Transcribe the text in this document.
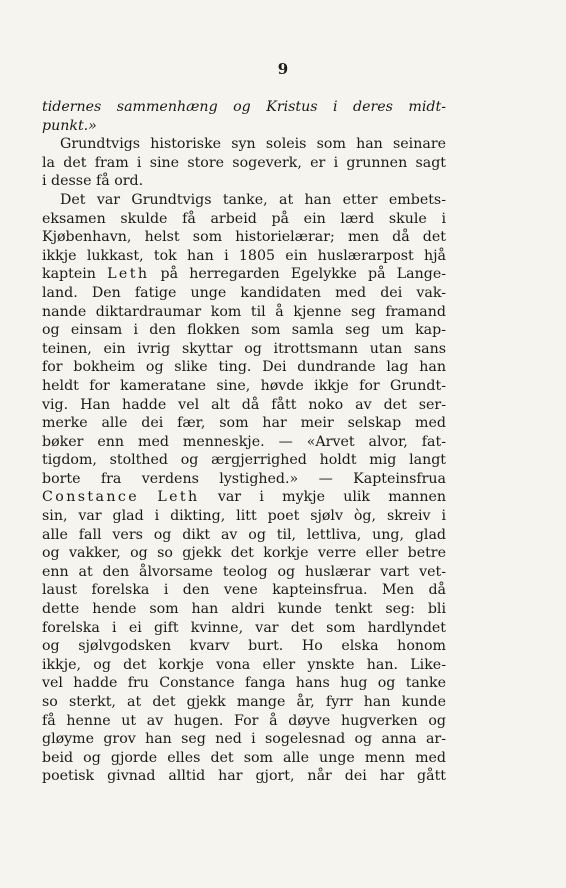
9
tidernes sammenhæng og Kristus i deres midt-
punkt.»
Grundtvigs historiske syn soleis som han seinare
la det fram i sine store sogeverk, er i grunnen sagt
i desse få ord.
Det var Grundtvigs tanke, at han etter embets-
eksamen skulde få arbeid på ein lærd skule i
Kjøbenhavn, helst som historielærar; men då det
ikkje lukkast, tok han i 1805 ein huslærarpost hjå
kaptein Leth på herregarden Egelykke på Lange-
land. Den fatige unge kandidaten med dei vak-
nande diktardraumar kom til å kjenne seg framand
og einsam i den flokken som samla seg um kap-
teinen, ein ivrig skyttar og itrottsmann utan sans
for bokheim og slike ting. Dei dundrande lag han
heldt for kameratane sine, høvde ikkje for Grundt-
vig. Han hadde vel alt då fått noko av det ser-
merke alle dei fær, som har meir selskap med
bøker enn med menneskje. — «Arvet alvor, fat-
tigdom, stolthed og ærgjerrighed holdt mig langt
borte fra verdens lystighed.» — Kapteinsfrua
Constance Leth var i mykje ulik mannen
sin, var glad i dikting, litt poet sjølv òg, skreiv i
alle fall vers og dikt av og til, lettliva, ung, glad
og vakker, og so gjekk det korkje verre eller betre
enn at den ålvorsame teolog og huslærar vart vet-
laust forelska i den vene kapteinsfrua. Men då
dette hende som han aldri kunde tenkt seg: bli
forelska i ei gift kvinne, var det som hardlyndet
og sjølvgodsken kvarv burt. Ho elska honom
ikkje, og det korkje vona eller ynskte han. Like-
vel hadde fru Constance fanga hans hug og tanke
so sterkt, at det gjekk mange år, fyrr han kunde
få henne ut av hugen. For å døyve hugverken og
gløyme grov han seg ned i sogelesnad og anna ar-
beid og gjorde elles det som alle unge menn med
poetisk givnad alltid har gjort, når dei har gått
